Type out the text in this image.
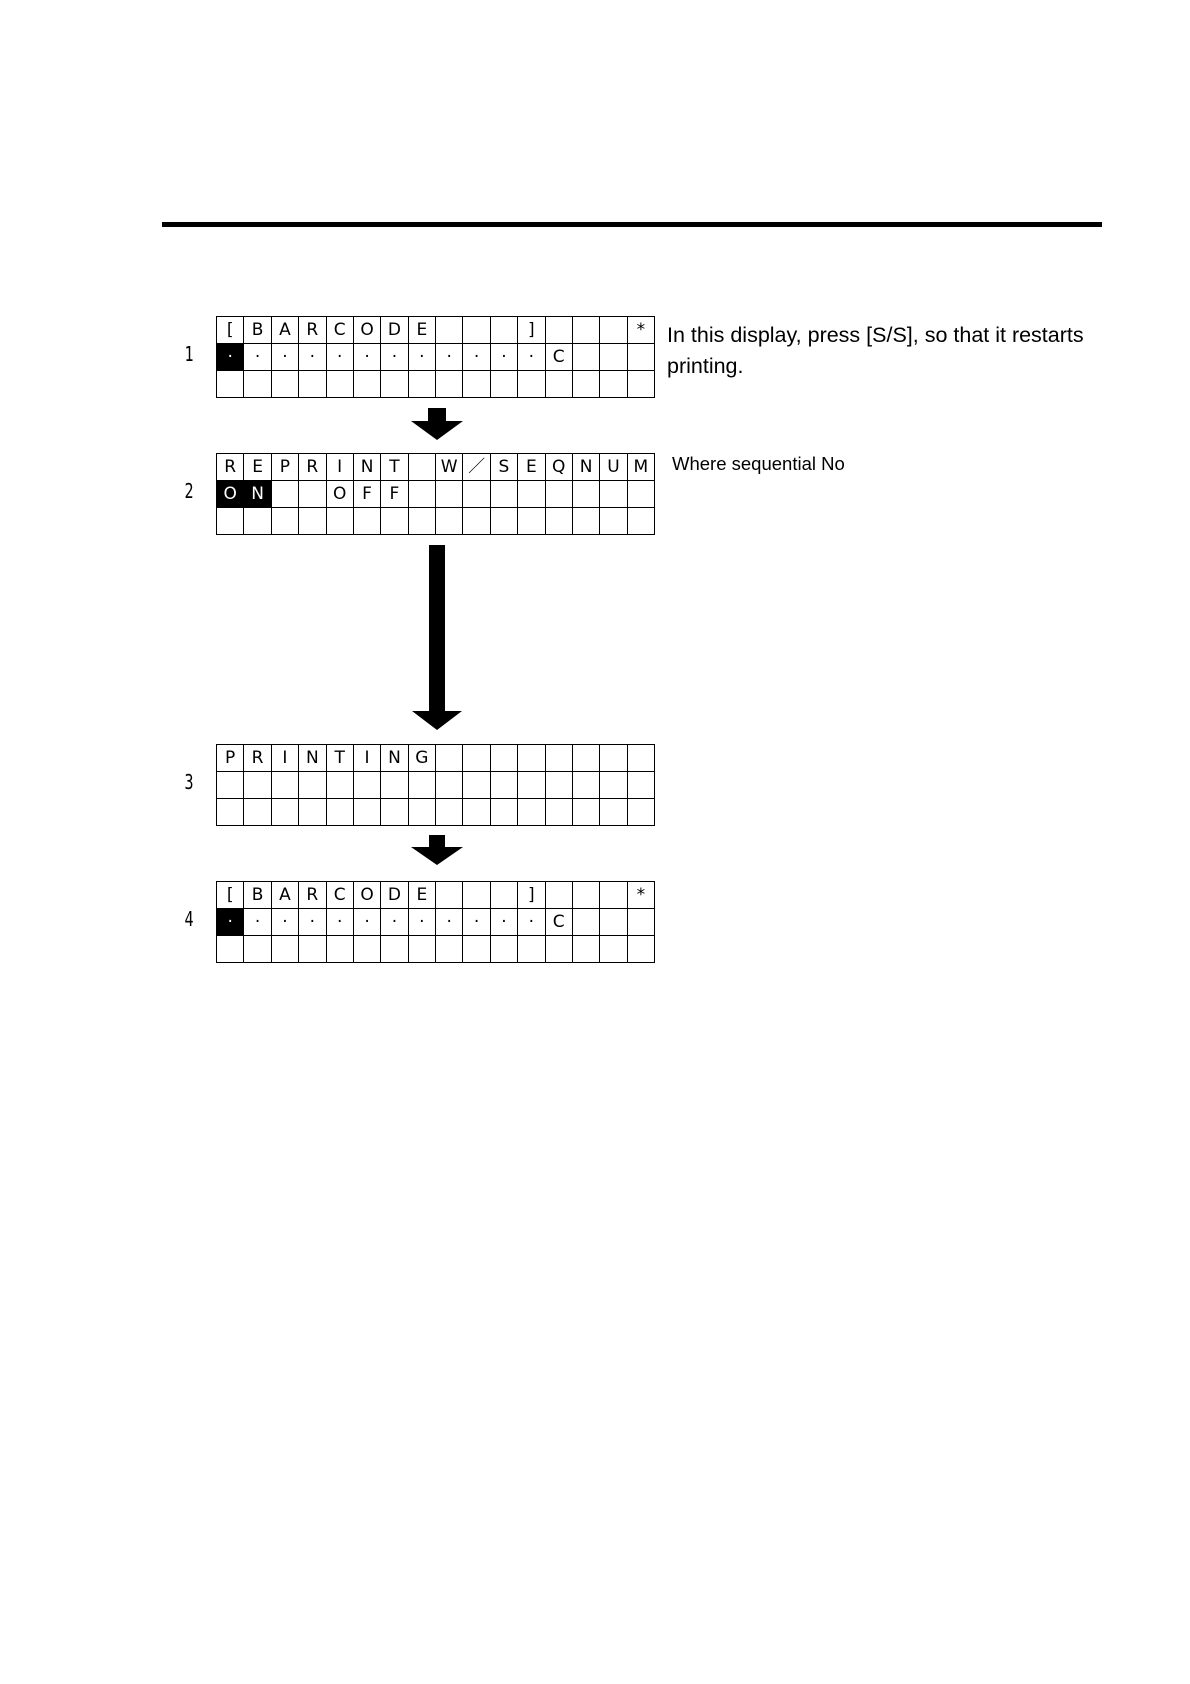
1
[	B A R C O D E	]	*
·	·	·	·	·	·	·	·	·	·	·	·	C
In this display, press [S/S], so that it restarts printing.
2
R E P R	I	N T	W ／ S E Q N U M
O N	O F	F
Where sequential No
3
P R	I	N T	I	N G
4
[	B A R C O D E	]	*
·	·	·	·	·	·	·	·	·	·	·	·	C
